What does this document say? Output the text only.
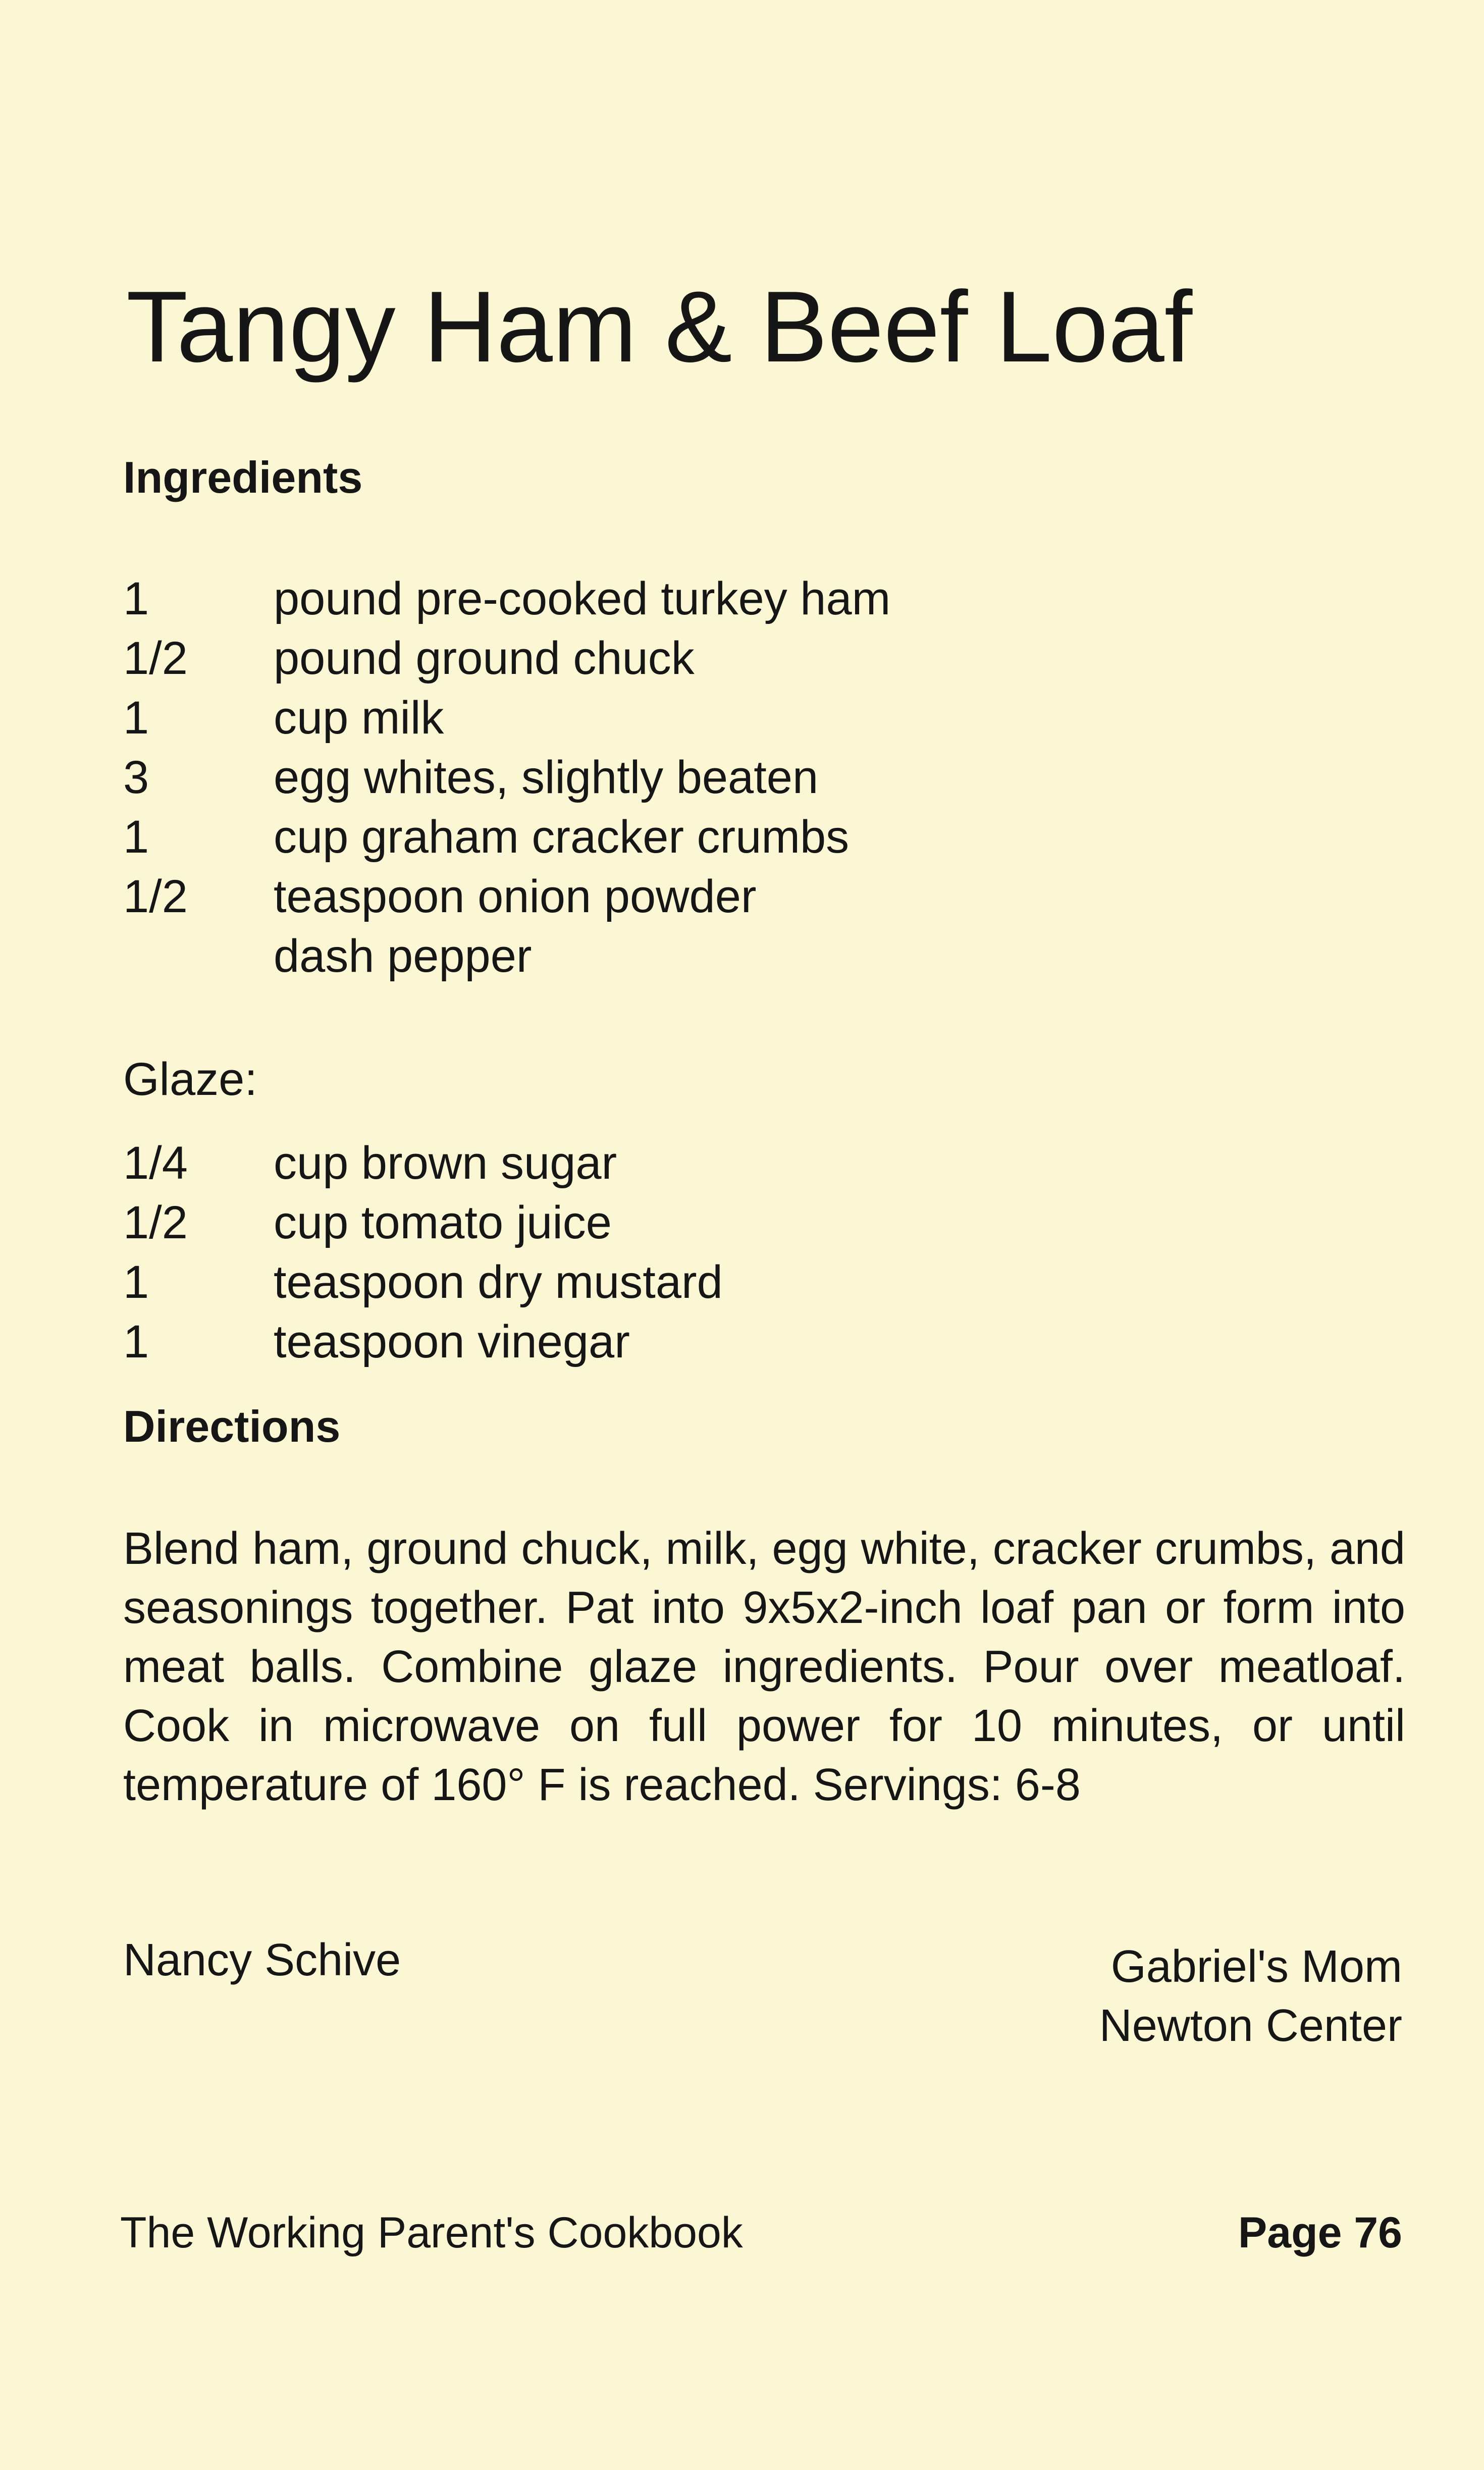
Tangy Ham & Beef Loaf
Ingredients
1	pound pre-cooked turkey ham
1/2 pound ground chuck
1	cup milk
3	egg whites, slightly beaten
1	cup graham cracker crumbs
1/2 teaspoon onion powder
dash pepper

Glaze:

1/4 cup brown sugar
1/2 cup tomato juice
1	teaspoon dry mustard
1	teaspoon vinegar
Directions

Blend ham, ground chuck, milk, egg white, cracker crumbs, and seasonings together. Pat into 9x5x2-inch loaf pan or form into meat balls. Combine glaze ingredients. Pour over meatloaf. Cook in microwave on full power for 10 minutes, or until temperature of 160° F is reached. Servings: 6-8

Nancy Schive	Gabriel's Mom
Newton Center

The Working Parent's Cookbook	Page 76
